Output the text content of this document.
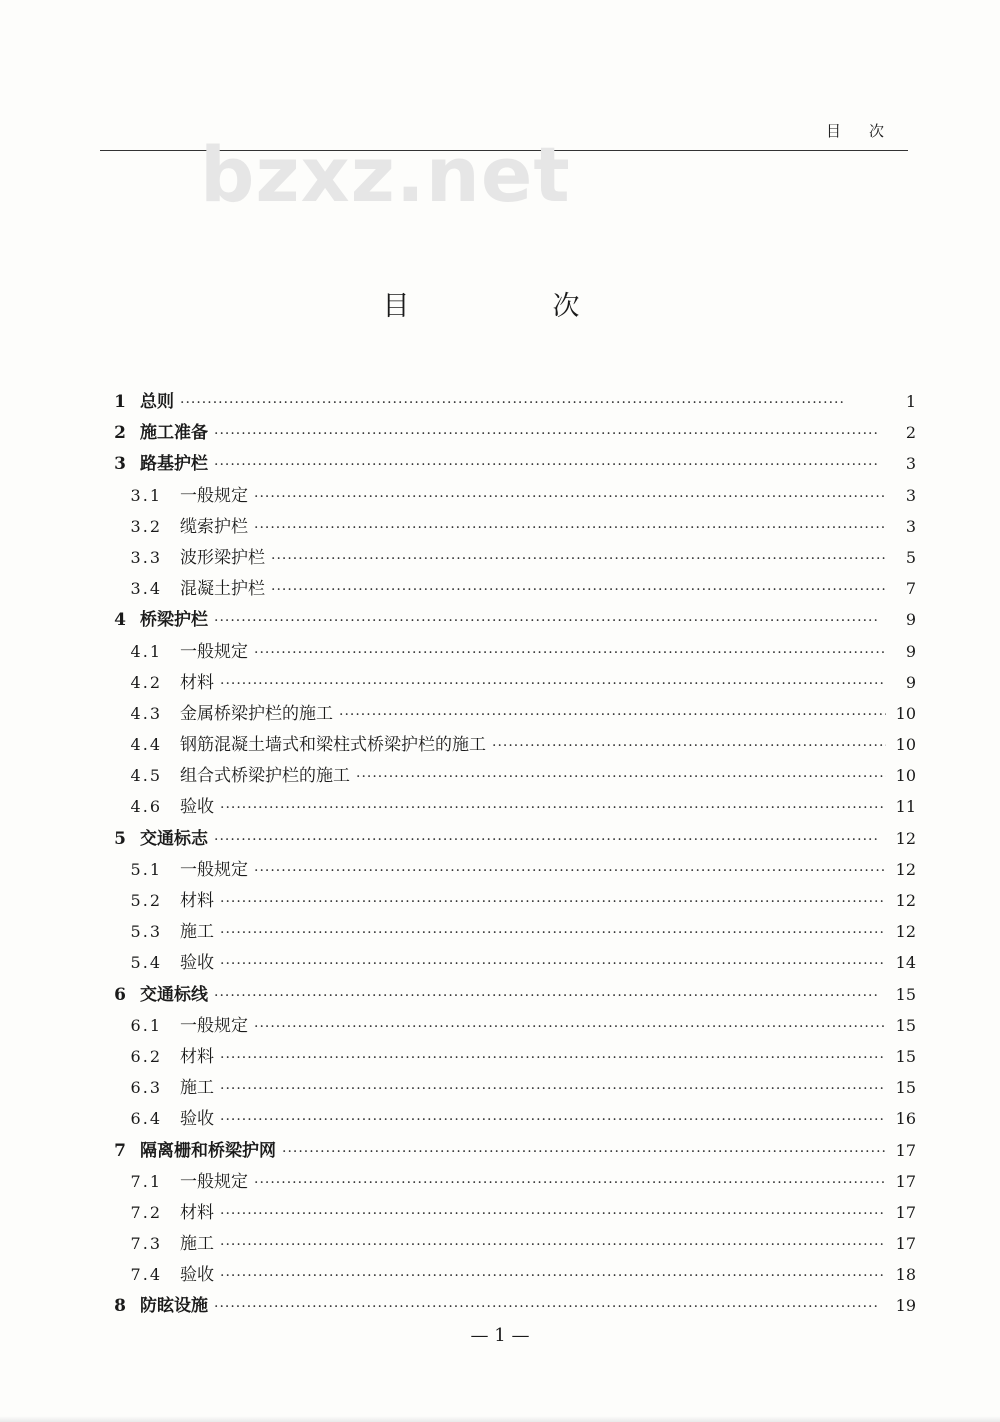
目次
bzxz.net
目　次
1 总则 ·····	1
2 施工准备 ·····	2
3 路基护栏 ·····	3
3.1	一般规定 ·····	3
3.2	缆索护栏 ·····	3
3.3	波形梁护栏 ·····	5
3.4	混凝土护栏 ·····	7
4 桥梁护栏 ·····	9
4.1	一般规定 ·····	9
4.2	材料 ·····	9
4.3	金属桥梁护栏的施工 ·····	10
4.4	钢筋混凝土墙式和梁柱式桥梁护栏的施工 ·····	10
4.5	组合式桥梁护栏的施工 ·····	10
4.6	验收 ·····	11
5 交通标志 ·····	12
5.1	一般规定 ·····	12
5.2	材料 ·····	12
5.3	施工 ·····	12
5.4	验收 ·····	14
6 交通标线 ·····	15
6.1	一般规定 ·····	15
6.2	材料 ·····	15
6.3	施工 ·····	15
6.4	验收 ·····	16
7 隔离栅和桥梁护网 ·····	17
7.1	一般规定 ·····	17
7.2	材料 ·····	17
7.3	施工 ·····	17
7.4	验收 ·····	18
8 防眩设施 ·····	19
— 1 —
